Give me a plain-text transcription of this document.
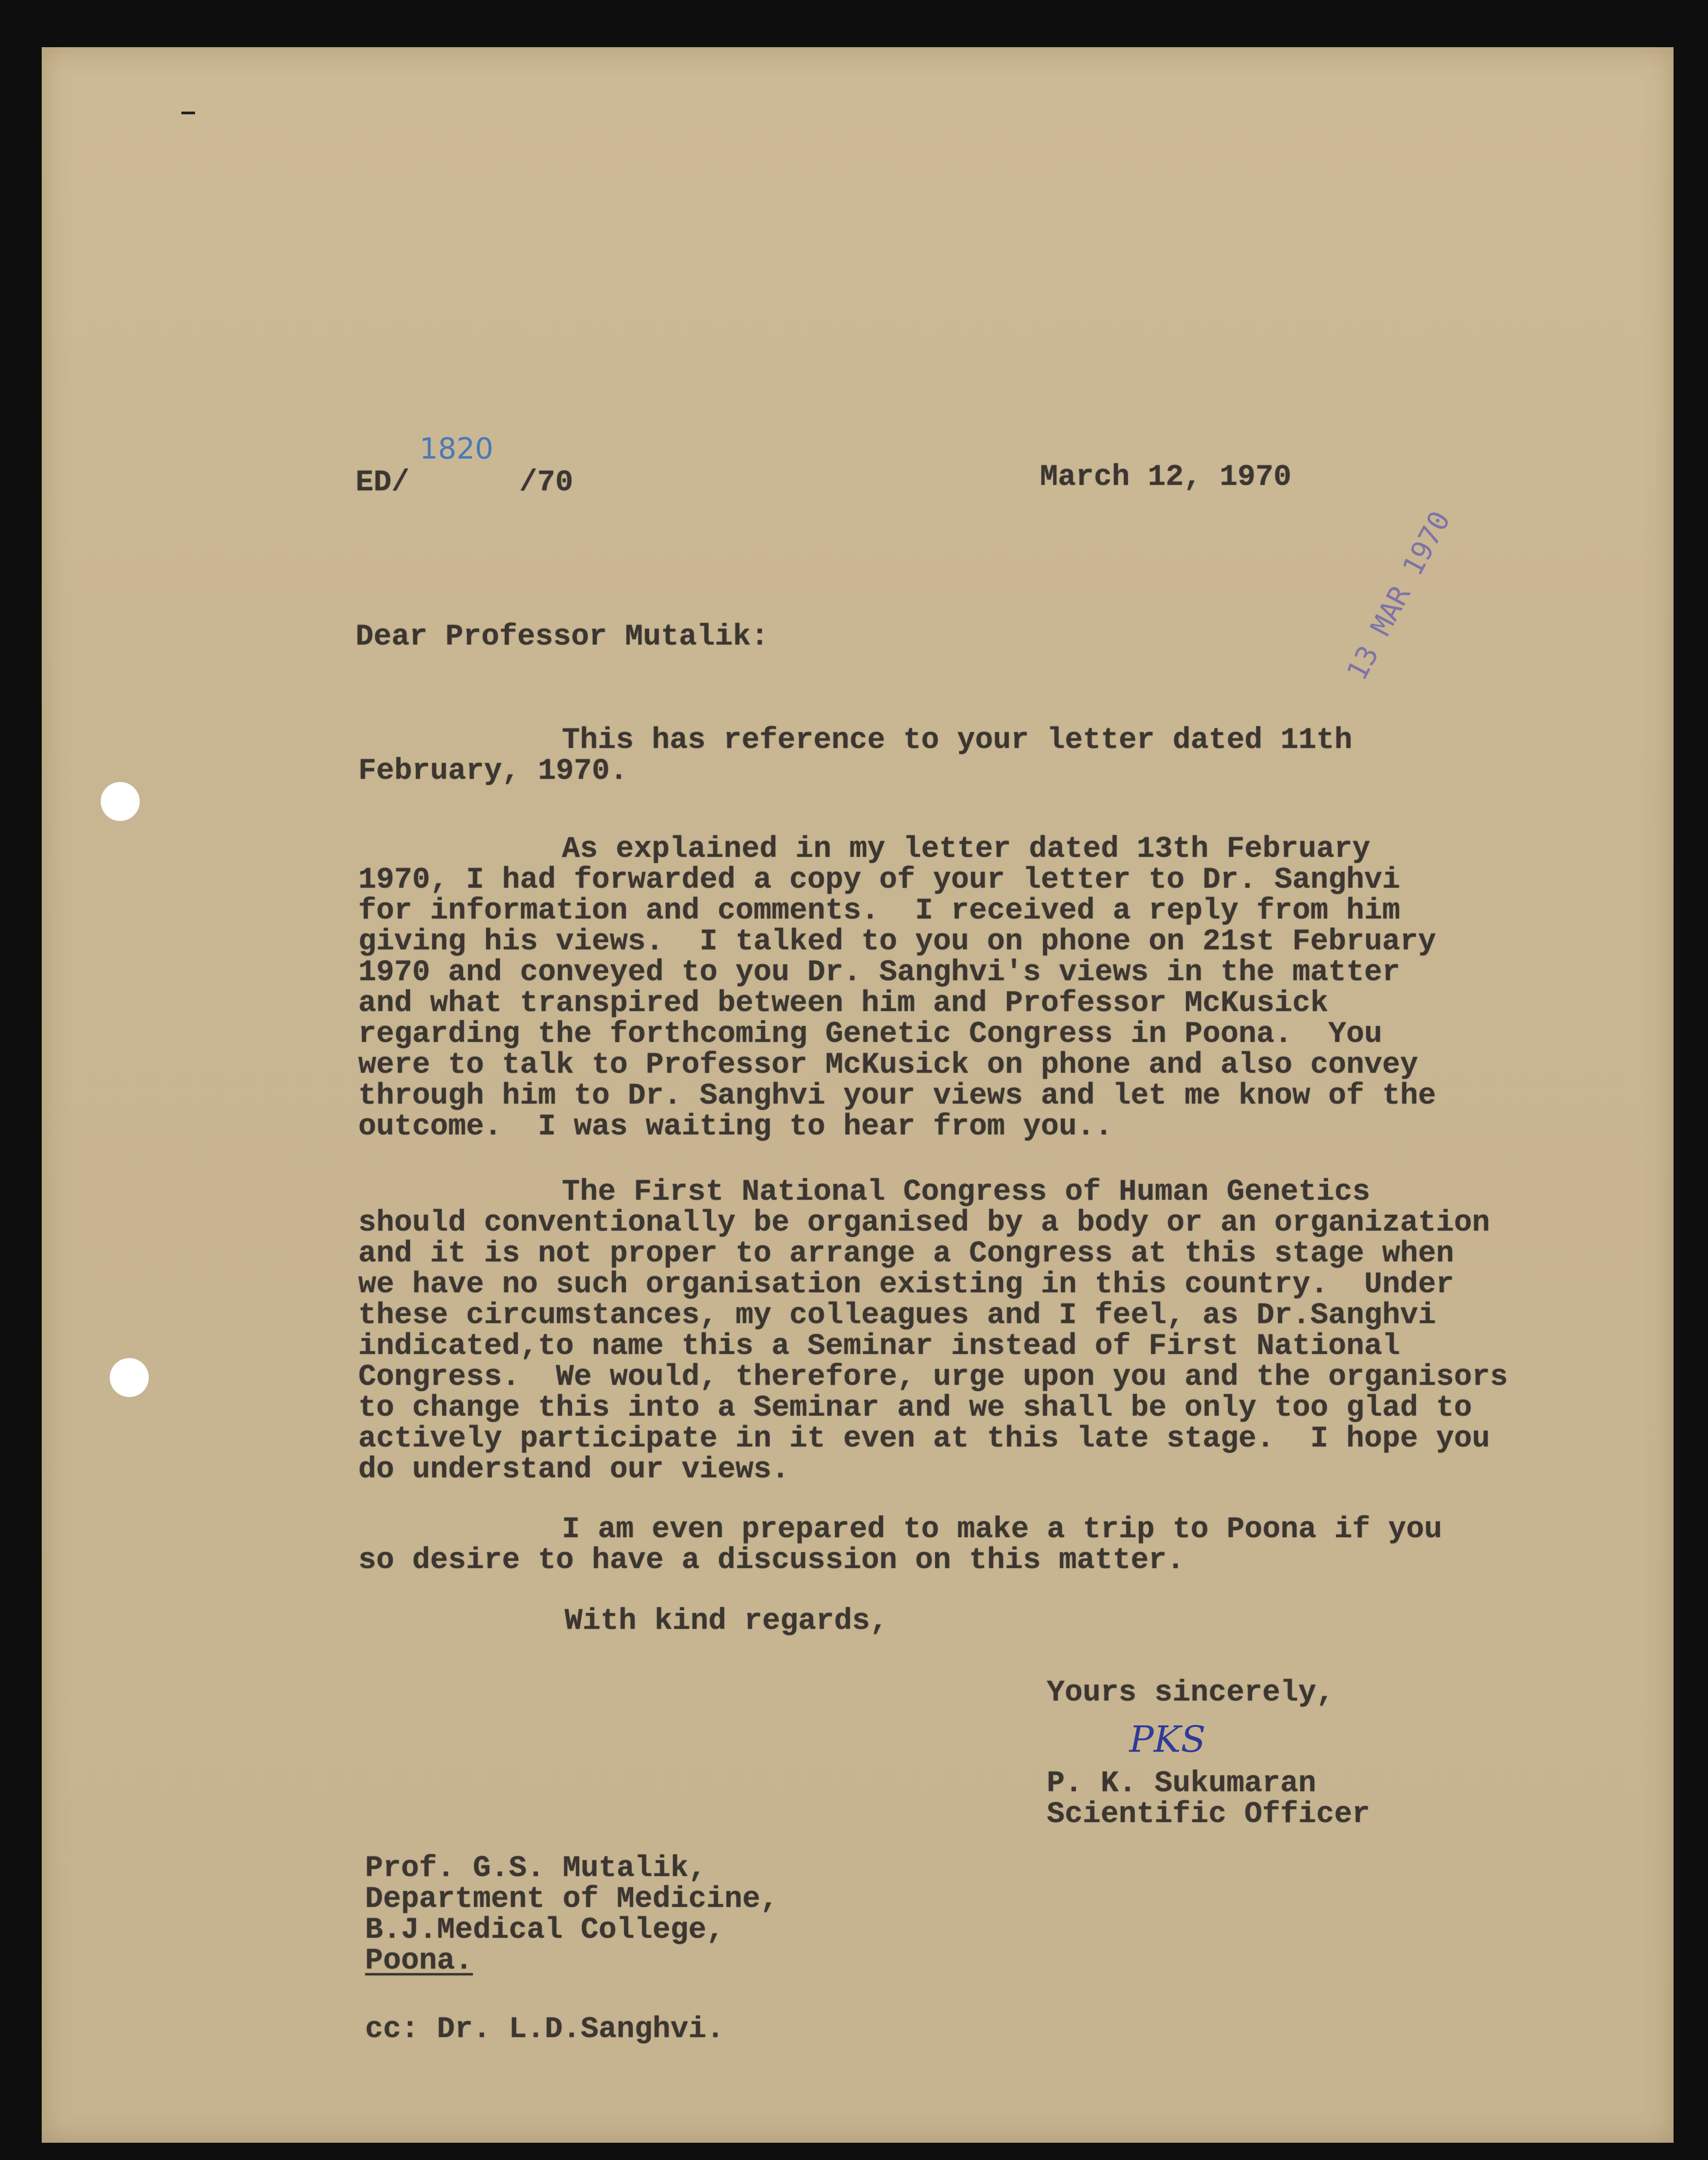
ED/
1820
/70	March 12, 1970
13 MAR 1970
Dear Professor Mutalik:
This has reference to your letter dated 11th
February, 1970.
As explained in my letter dated 13th February
1970, I had forwarded a copy of your letter to Dr. Sanghvi
for information and comments.  I received a reply from him
giving his views.  I talked to you on phone on 21st February
1970 and conveyed to you Dr. Sanghvi's views in the matter
and what transpired between him and Professor McKusick
regarding the forthcoming Genetic Congress in Poona.  You
were to talk to Professor McKusick on phone and also convey
through him to Dr. Sanghvi your views and let me know of the
outcome.  I was waiting to hear from you..
The First National Congress of Human Genetics
should conventionally be organised by a body or an organization
and it is not proper to arrange a Congress at this stage when
we have no such organisation existing in this country.  Under
these circumstances, my colleagues and I feel, as Dr.Sanghvi
indicated,to name this a Seminar instead of First National
Congress.  We would, therefore, urge upon you and the organisors
to change this into a Seminar and we shall be only too glad to
actively participate in it even at this late stage.  I hope you
do understand our views.
I am even prepared to make a trip to Poona if you
so desire to have a discussion on this matter.
With kind regards,
Yours sincerely,
PKS
P. K. Sukumaran
Scientific Officer
Prof. G.S. Mutalik,
Department of Medicine,
B.J.Medical College,
Poona.
cc: Dr. L.D.Sanghvi.
